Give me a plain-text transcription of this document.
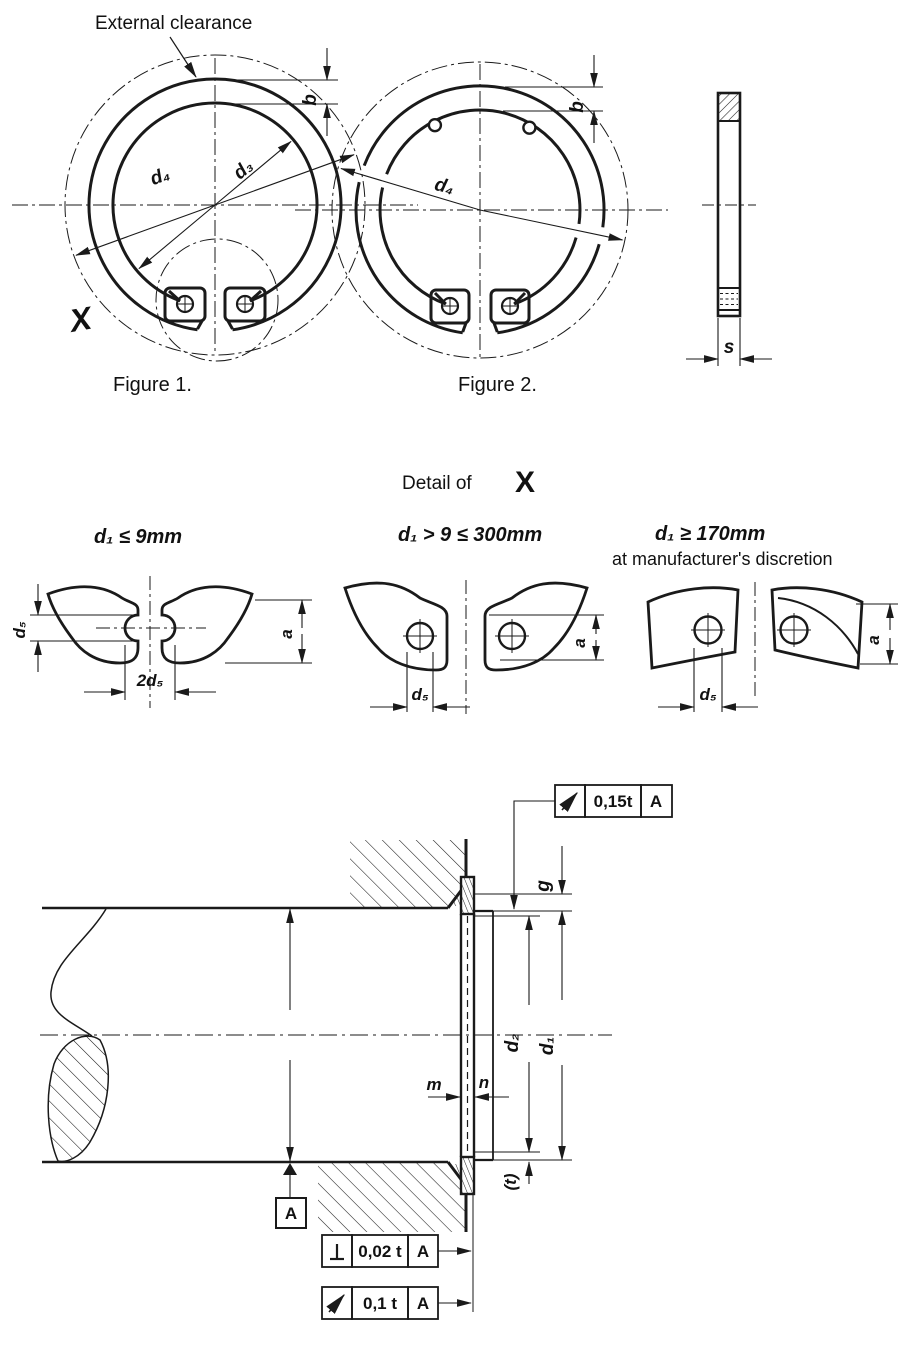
d₄	d₃
b
External clearance
X
Figure 1.
d₄
b
Figure 2.
s
Detail of X
d₁ ≤ 9mm
d₅
2d₅
a
d₁ > 9 ≤ 300mm
d₅
a
d₁ ≥ 170mm
at manufacturer's discretion
d₅
a
A
g
d₂ d₁
(t)
m n
0,15t A
0,02 t A
0,1 t A
